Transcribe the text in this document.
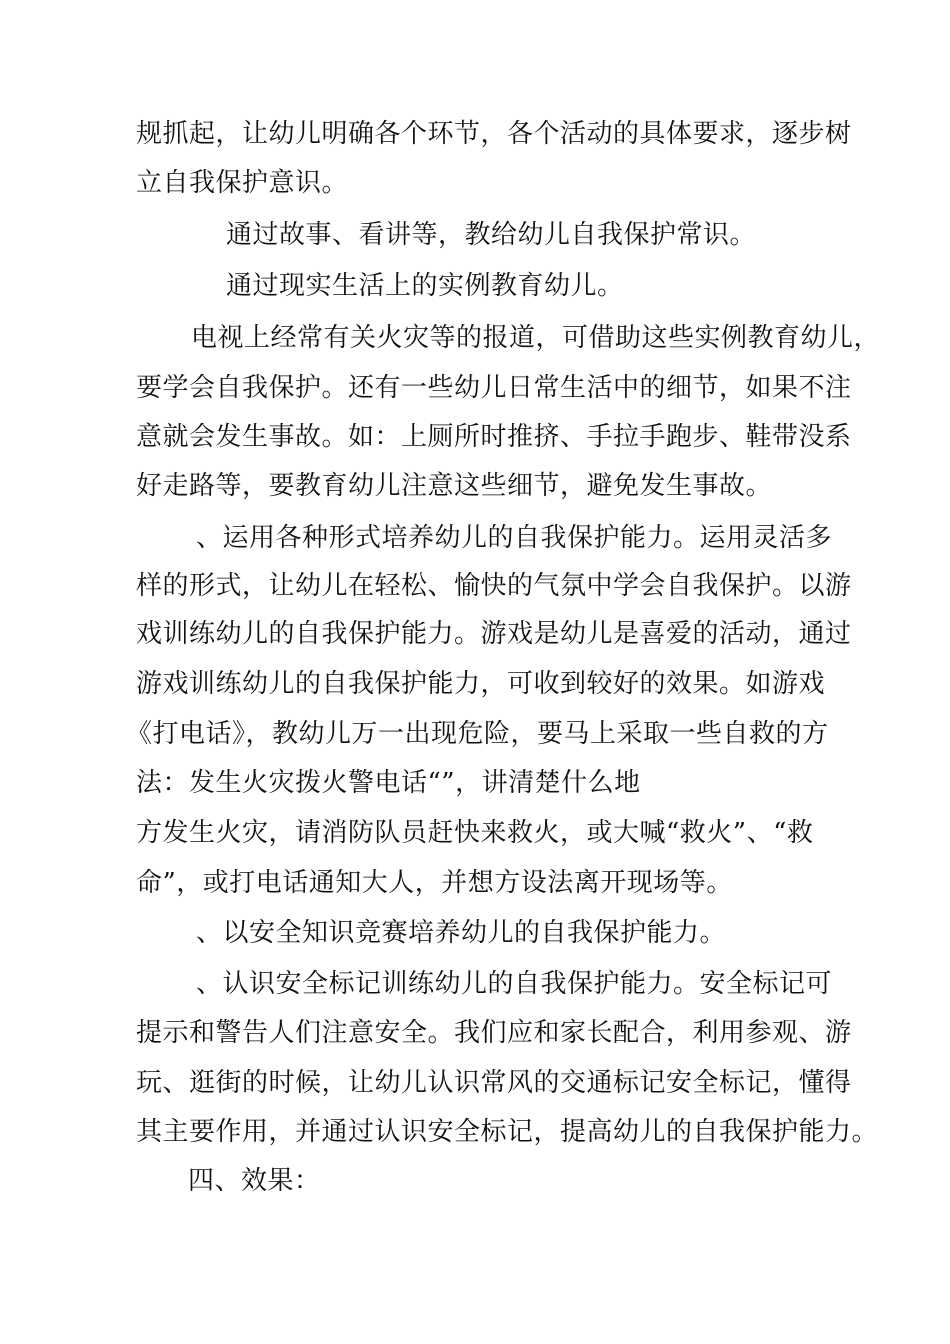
规抓起，让幼儿明确各个环节，各个活动的具体要求，逐步树
立自我保护意识。
通过故事、看讲等，教给幼儿自我保护常识。
通过现实生活上的实例教育幼儿。
电视上经常有关火灾等的报道，可借助这些实例教育幼儿，
要学会自我保护。还有一些幼儿日常生活中的细节，如果不注
意就会发生事故。如：上厕所时推挤、手拉手跑步、鞋带没系
好走路等，要教育幼儿注意这些细节，避免发生事故。
、运用各种形式培养幼儿的自我保护能力。运用灵活多
样的形式，让幼儿在轻松、愉快的气氛中学会自我保护。以游
戏训练幼儿的自我保护能力。游戏是幼儿是喜爱的活动，通过
游戏训练幼儿的自我保护能力，可收到较好的效果。如游戏
《打电话》，教幼儿万一出现危险，要马上采取一些自救的方
法：发生火灾拨火警电话“”，讲清楚什么地
方发生火灾，请消防队员赶快来救火，或大喊“救火”、“救
命”，或打电话通知大人，并想方设法离开现场等。
、以安全知识竞赛培养幼儿的自我保护能力。
、认识安全标记训练幼儿的自我保护能力。安全标记可
提示和警告人们注意安全。我们应和家长配合，利用参观、游
玩、逛街的时候，让幼儿认识常风的交通标记安全标记，懂得
其主要作用，并通过认识安全标记，提高幼儿的自我保护能力。
四、效果：
